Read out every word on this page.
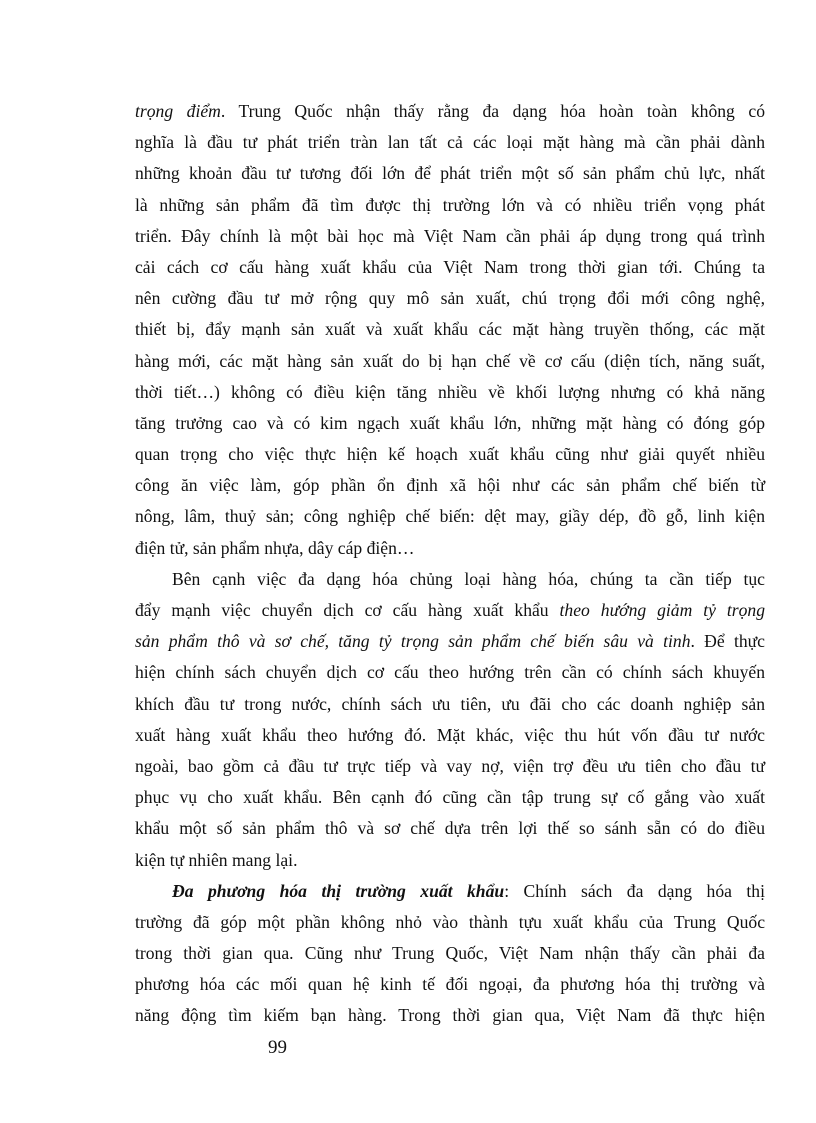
trọng điểm. Trung Quốc nhận thấy rằng đa dạng hóa hoàn toàn không có
nghĩa là đầu tư phát triển tràn lan tất cả các loại mặt hàng mà cần phải dành
những khoản đầu tư tương đối lớn để phát triển một số sản phẩm chủ lực, nhất
là những sản phẩm đã tìm được thị trường lớn và có nhiều triển vọng phát
triển. Đây chính là một bài học mà Việt Nam cần phải áp dụng trong quá trình
cải cách cơ cấu hàng xuất khẩu của Việt Nam trong thời gian tới. Chúng ta
nên cường đầu tư mở rộng quy mô sản xuất, chú trọng đổi mới công nghệ,
thiết bị, đẩy mạnh sản xuất và xuất khẩu các mặt hàng truyền thống, các mặt
hàng mới, các mặt hàng sản xuất do bị hạn chế về cơ cấu (diện tích, năng suất,
thời tiết…) không có điều kiện tăng nhiều về khối lượng nhưng có khả năng
tăng trưởng cao và có kim ngạch xuất khẩu lớn, những mặt hàng có đóng góp
quan trọng cho việc thực hiện kế hoạch xuất khẩu cũng như giải quyết nhiều
công ăn việc làm, góp phần ổn định xã hội như các sản phẩm chế biến từ
nông, lâm, thuỷ sản; công nghiệp chế biến: dệt may, giầy dép, đồ gỗ, linh kiện
điện tử, sản phẩm nhựa, dây cáp điện…
Bên cạnh việc đa dạng hóa chủng loại hàng hóa, chúng ta cần tiếp tục
đẩy mạnh việc chuyển dịch cơ cấu hàng xuất khẩu theo hướng giảm tỷ trọng
sản phẩm thô và sơ chế, tăng tỷ trọng sản phẩm chế biến sâu và tinh. Để thực
hiện chính sách chuyển dịch cơ cấu theo hướng trên cần có chính sách khuyến
khích đầu tư trong nước, chính sách ưu tiên, ưu đãi cho các doanh nghiệp sản
xuất hàng xuất khẩu theo hướng đó. Mặt khác, việc thu hút vốn đầu tư nước
ngoài, bao gồm cả đầu tư trực tiếp và vay nợ, viện trợ đều ưu tiên cho đầu tư
phục vụ cho xuất khẩu. Bên cạnh đó cũng cần tập trung sự cố gắng vào xuất
khẩu một số sản phẩm thô và sơ chế dựa trên lợi thế so sánh sẵn có do điều
kiện tự nhiên mang lại.
Đa phương hóa thị trường xuất khẩu: Chính sách đa dạng hóa thị
trường đã góp một phần không nhỏ vào thành tựu xuất khẩu của Trung Quốc
trong thời gian qua. Cũng như Trung Quốc, Việt Nam nhận thấy cần phải đa
phương hóa các mối quan hệ kinh tế đối ngoại, đa phương hóa thị trường và
năng động tìm kiếm bạn hàng. Trong thời gian qua, Việt Nam đã thực hiện
99
